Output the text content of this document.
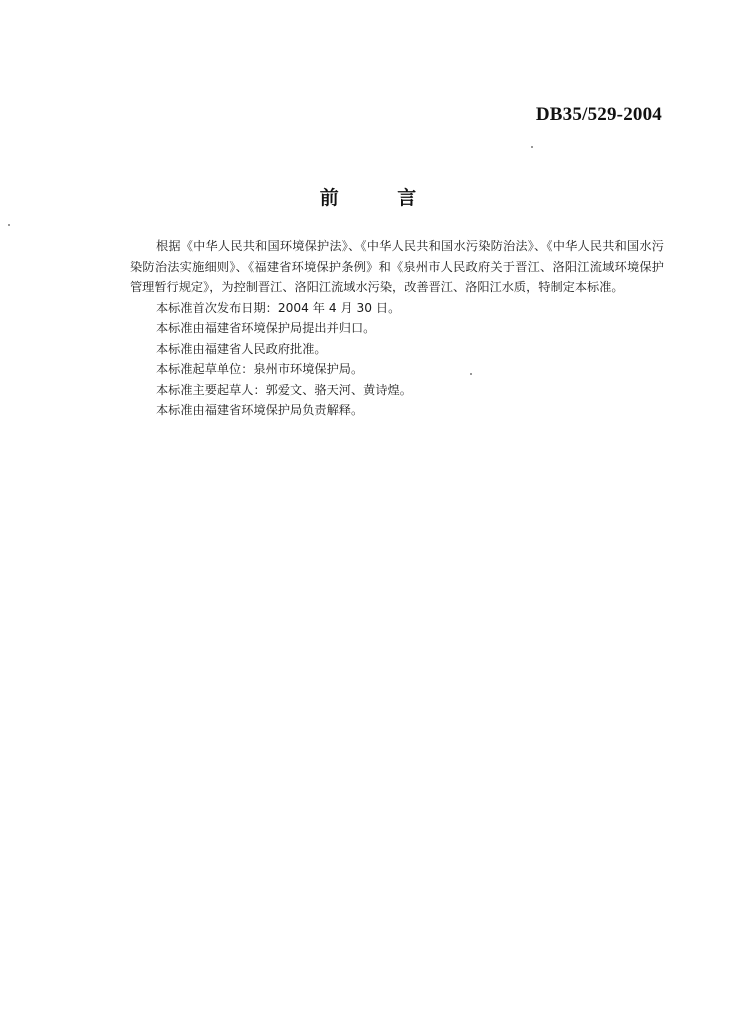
DB35/529-2004
前 言

根据《中华人民共和国环境保护法》、《中华人民共和国水污染防治法》、《中华人民共和国水污染防治法实施细则》、《福建省环境保护条例》和《泉州市人民政府关于晋江、洛阳江流域环境保护管理暂行规定》，为控制晋江、洛阳江流域水污染，改善晋江、洛阳江水质，特制定本标准。

本标准首次发布日期：2004 年 4 月 30 日。

本标准由福建省环境保护局提出并归口。

本标准由福建省人民政府批准。

本标准起草单位：泉州市环境保护局。

本标准主要起草人：郭爱文、骆天河、黄诗煌。

本标准由福建省环境保护局负责解释。
